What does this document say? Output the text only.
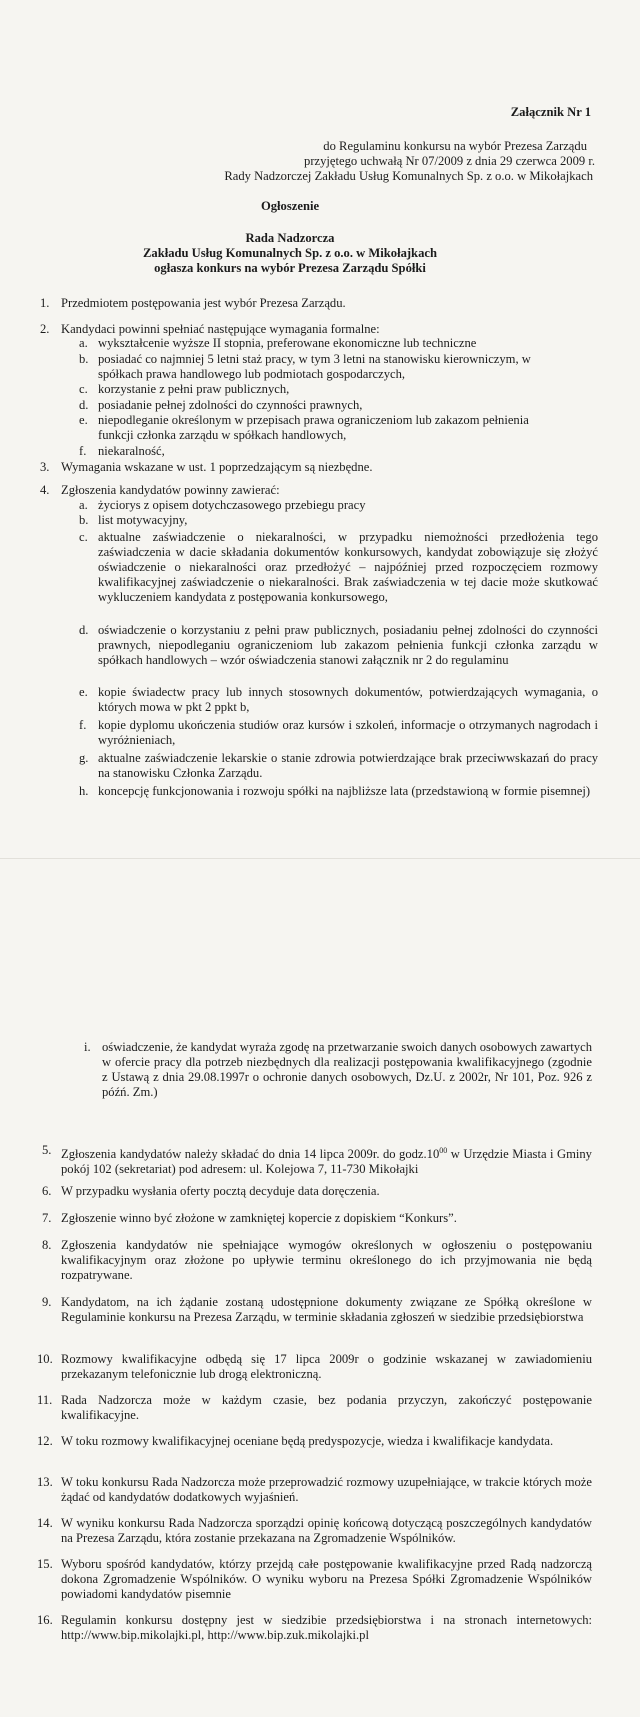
Załącznik Nr 1
do Regulaminu konkursu na wybór Prezesa Zarządu
przyjętego uchwałą Nr 07/2009 z dnia 29 czerwca 2009 r.
Rady Nadzorczej Zakładu Usług Komunalnych Sp. z o.o. w Mikołajkach
Ogłoszenie
Rada Nadzorcza
Zakładu Usług Komunalnych Sp. z o.o. w Mikołajkach
ogłasza konkurs na wybór Prezesa Zarządu Spółki
1. Przedmiotem postępowania jest wybór Prezesa Zarządu.
2. Kandydaci powinni spełniać następujące wymagania formalne:
a. wykształcenie wyższe II stopnia, preferowane ekonomiczne lub techniczne
b. posiadać co najmniej 5 letni staż pracy, w tym 3 letni na stanowisku kierowniczym, w
spółkach prawa handlowego lub podmiotach gospodarczych,
c. korzystanie z pełni praw publicznych,
d. posiadanie pełnej zdolności do czynności prawnych,
e. niepodleganie określonym w przepisach prawa ograniczeniom lub zakazom pełnienia
funkcji członka zarządu w spółkach handlowych,
f. niekaralność,
3. Wymagania wskazane w ust. 1 poprzedzającym są niezbędne.
4. Zgłoszenia kandydatów powinny zawierać:
a. życiorys z opisem dotychczasowego przebiegu pracy
b. list motywacyjny,
c. aktualne zaświadczenie o niekaralności, w przypadku niemożności przedłożenia tego zaświadczenia w dacie składania dokumentów konkursowych, kandydat zobowiązuje się złożyć oświadczenie o niekaralności oraz przedłożyć – najpóźniej przed rozpoczęciem rozmowy kwalifikacyjnej zaświadczenie o niekaralności. Brak zaświadczenia w tej dacie może skutkować wykluczeniem kandydata z postępowania konkursowego,
d. oświadczenie o korzystaniu z pełni praw publicznych, posiadaniu pełnej zdolności do czynności prawnych, niepodleganiu ograniczeniom lub zakazom pełnienia funkcji członka zarządu w spółkach handlowych – wzór oświadczenia stanowi załącznik nr 2 do regulaminu
e. kopie świadectw pracy lub innych stosownych dokumentów, potwierdzających wymagania, o których mowa w pkt 2 ppkt b,
f. kopie dyplomu ukończenia studiów oraz kursów i szkoleń, informacje o otrzymanych nagrodach i wyróżnieniach,
g. aktualne zaświadczenie lekarskie o stanie zdrowia potwierdzające brak przeciwwskazań do pracy na stanowisku Członka Zarządu.
h. koncepcję funkcjonowania i rozwoju spółki na najbliższe lata (przedstawioną w formie pisemnej)
i. oświadczenie, że kandydat wyraża zgodę na przetwarzanie swoich danych osobowych zawartych w ofercie pracy dla potrzeb niezbędnych dla realizacji postępowania kwalifikacyjnego (zgodnie z Ustawą z dnia 29.08.1997r o ochronie danych osobowych, Dz.U. z 2002r, Nr 101, Poz. 926 z późń. Zm.)
5. Zgłoszenia kandydatów należy składać do dnia 14 lipca 2009r. do $godz.10^{00}$ w Urzędzie Miasta i Gminy pokój 102 (sekretariat) pod adresem: ul. Kolejowa 7, 11-730 Mikołajki
6. W przypadku wysłania oferty pocztą decyduje data doręczenia.
7. Zgłoszenie winno być złożone w zamkniętej kopercie z dopiskiem “Konkurs”.
8. Zgłoszenia kandydatów nie spełniające wymogów określonych w ogłoszeniu o postępowaniu kwalifikacyjnym oraz złożone po upływie terminu określonego do ich przyjmowania nie będą rozpatrywane.
9. Kandydatom, na ich żądanie zostaną udostępnione dokumenty związane ze Spółką określone w Regulaminie konkursu na Prezesa Zarządu, w terminie składania zgłoszeń w siedzibie przedsiębiorstwa
10. Rozmowy kwalifikacyjne odbędą się 17 lipca 2009r o godzinie wskazanej w zawiadomieniu przekazanym telefonicznie lub drogą elektroniczną.
11. Rada Nadzorcza może w każdym czasie, bez podania przyczyn, zakończyć postępowanie kwalifikacyjne.
12. W toku rozmowy kwalifikacyjnej oceniane będą predyspozycje, wiedza i kwalifikacje kandydata.
13. W toku konkursu Rada Nadzorcza może przeprowadzić rozmowy uzupełniające, w trakcie których może żądać od kandydatów dodatkowych wyjaśnień.
14. W wyniku konkursu Rada Nadzorcza sporządzi opinię końcową dotyczącą poszczególnych kandydatów na Prezesa Zarządu, która zostanie przekazana na Zgromadzenie Wspólników.
15. Wyboru spośród kandydatów, którzy przejdą całe postępowanie kwalifikacyjne przed Radą nadzorczą dokona Zgromadzenie Wspólników. O wyniku wyboru na Prezesa Spółki Zgromadzenie Wspólników powiadomi kandydatów pisemnie
16. Regulamin konkursu dostępny jest w siedzibie przedsiębiorstwa i na stronach internetowych: http://www.bip.mikolajki.pl, http://www.bip.zuk.mikolajki.pl
